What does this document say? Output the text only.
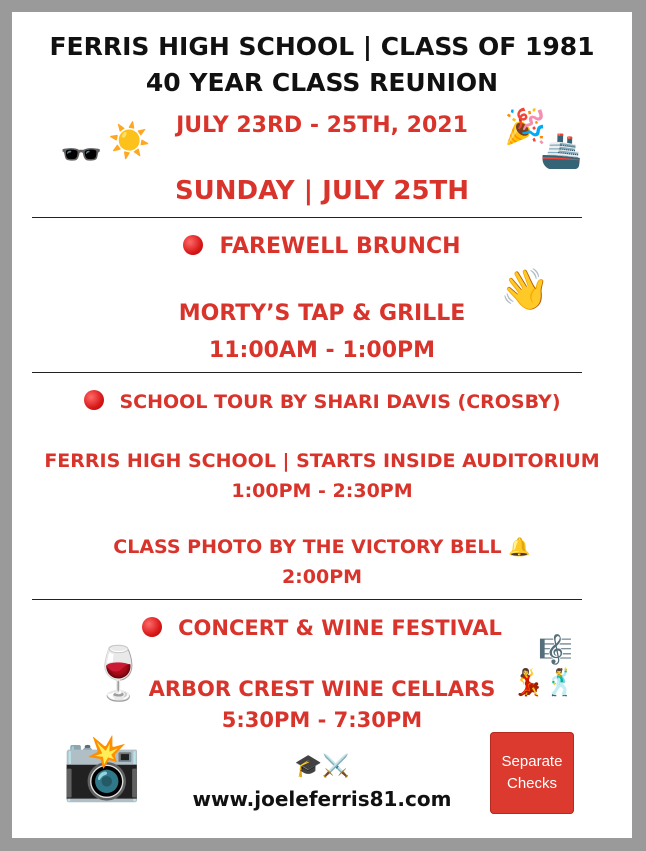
FERRIS HIGH SCHOOL | CLASS OF 1981
40 YEAR CLASS REUNION
JULY 23RD - 25TH, 2021
🕶️ ☀️	🎉
🚢
SUNDAY | JULY 25TH
FAREWELL BRUNCH
👋
MORTY’S TAP & GRILLE
11:00AM - 1:00PM
SCHOOL TOUR BY SHARI DAVIS (CROSBY)
FERRIS HIGH SCHOOL | STARTS INSIDE AUDITORIUM
1:00PM - 2:30PM
CLASS PHOTO BY THE VICTORY BELL 🔔
2:00PM
CONCERT & WINE FESTIVAL
🍷	🎼
💃🕺
ARBOR CREST WINE CELLARS
5:30PM - 7:30PM
📸	🎓⚔️
www.joeleferris81.com
Separate
Checks
